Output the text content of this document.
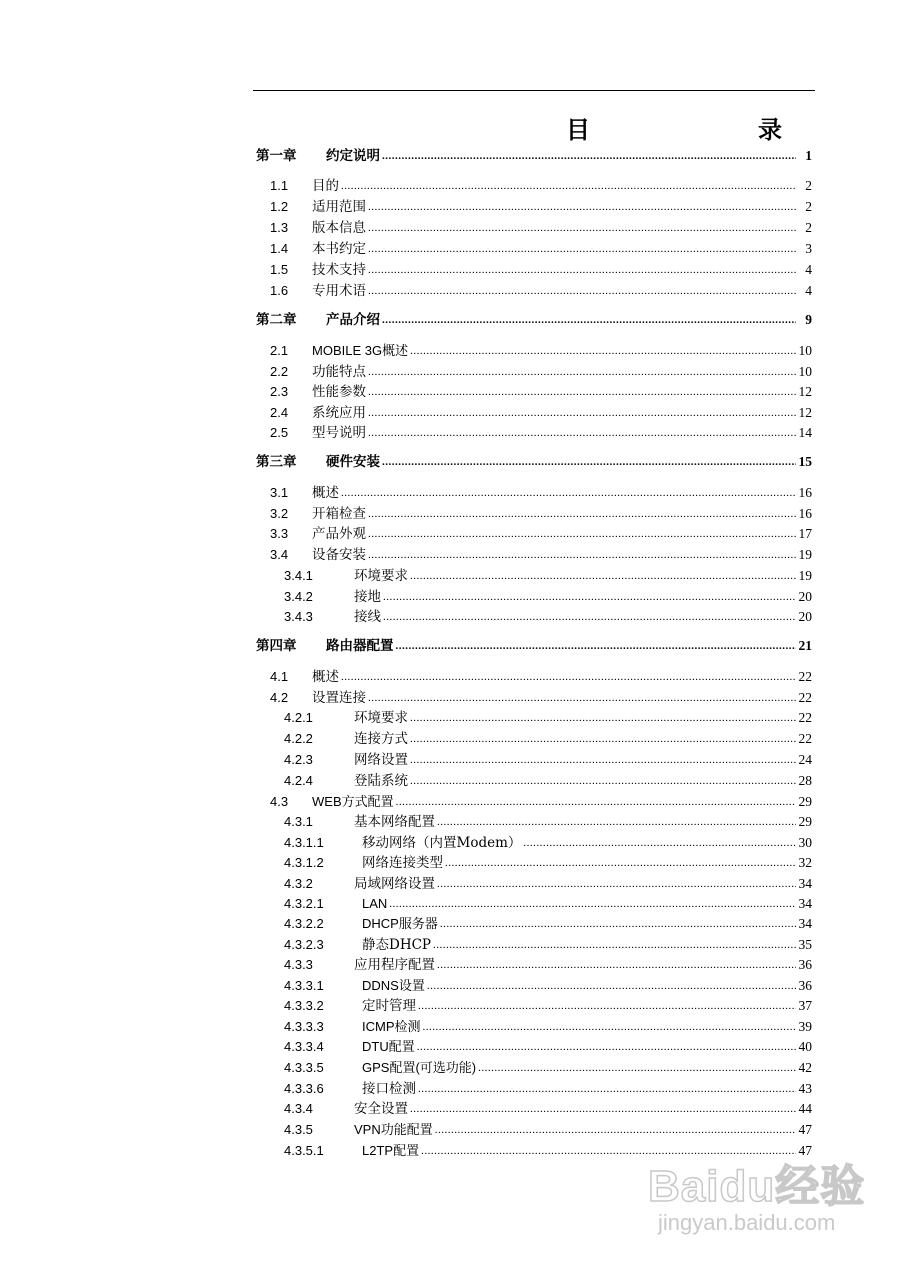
目　　录
第一章	约定说明 .....	1
1.1	目的 .....	2
1.2	适用范围 .....	2
1.3	版本信息 .....	2
1.4	本书约定 .....	3
1.5	技术支持 .....	4
1.6	专用术语 .....	4
第二章	产品介绍 .....	9
2.1	MOBILE 3G概述 .....	10
2.2	功能特点 .....	10
2.3	性能参数 .....	12
2.4	系统应用 .....	12
2.5	型号说明 .....	14
第三章	硬件安装 .....	15
3.1	概述 .....	16
3.2	开箱检查 .....	16
3.3	产品外观 .....	17
3.4	设备安装 .....	19
3.4.1	环境要求 .....	19
3.4.2	接地 .....	20
3.4.3	接线 .....	20
第四章	路由器配置 .....	21
4.1	概述 .....	22
4.2	设置连接 .....	22
4.2.1	环境要求 .....	22
4.2.2	连接方式 .....	22
4.2.3	网络设置 .....	24
4.2.4	登陆系统 .....	28
4.3	WEB方式配置 .....	29
4.3.1	基本网络配置 .....	29
4.3.1.1	移动网络（内置Modem） .....	30
4.3.1.2	网络连接类型 .....	32
4.3.2	局域网络设置 .....	34
4.3.2.1	LAN .....	34
4.3.2.2	DHCP服务器 .....	34
4.3.2.3	静态DHCP .....	35
4.3.3	应用程序配置 .....	36
4.3.3.1	DDNS设置 .....	36
4.3.3.2	定时管理 .....	37
4.3.3.3	ICMP检测 .....	39
4.3.3.4	DTU配置 .....	40
4.3.3.5	GPS配置(可选功能) .....	42
4.3.3.6	接口检测 .....	43
4.3.4	安全设置 .....	44
4.3.5	VPN功能配置 .....	47
4.3.5.1	L2TP配置 .....	47
Baidu经验
jingyan.baidu.com
